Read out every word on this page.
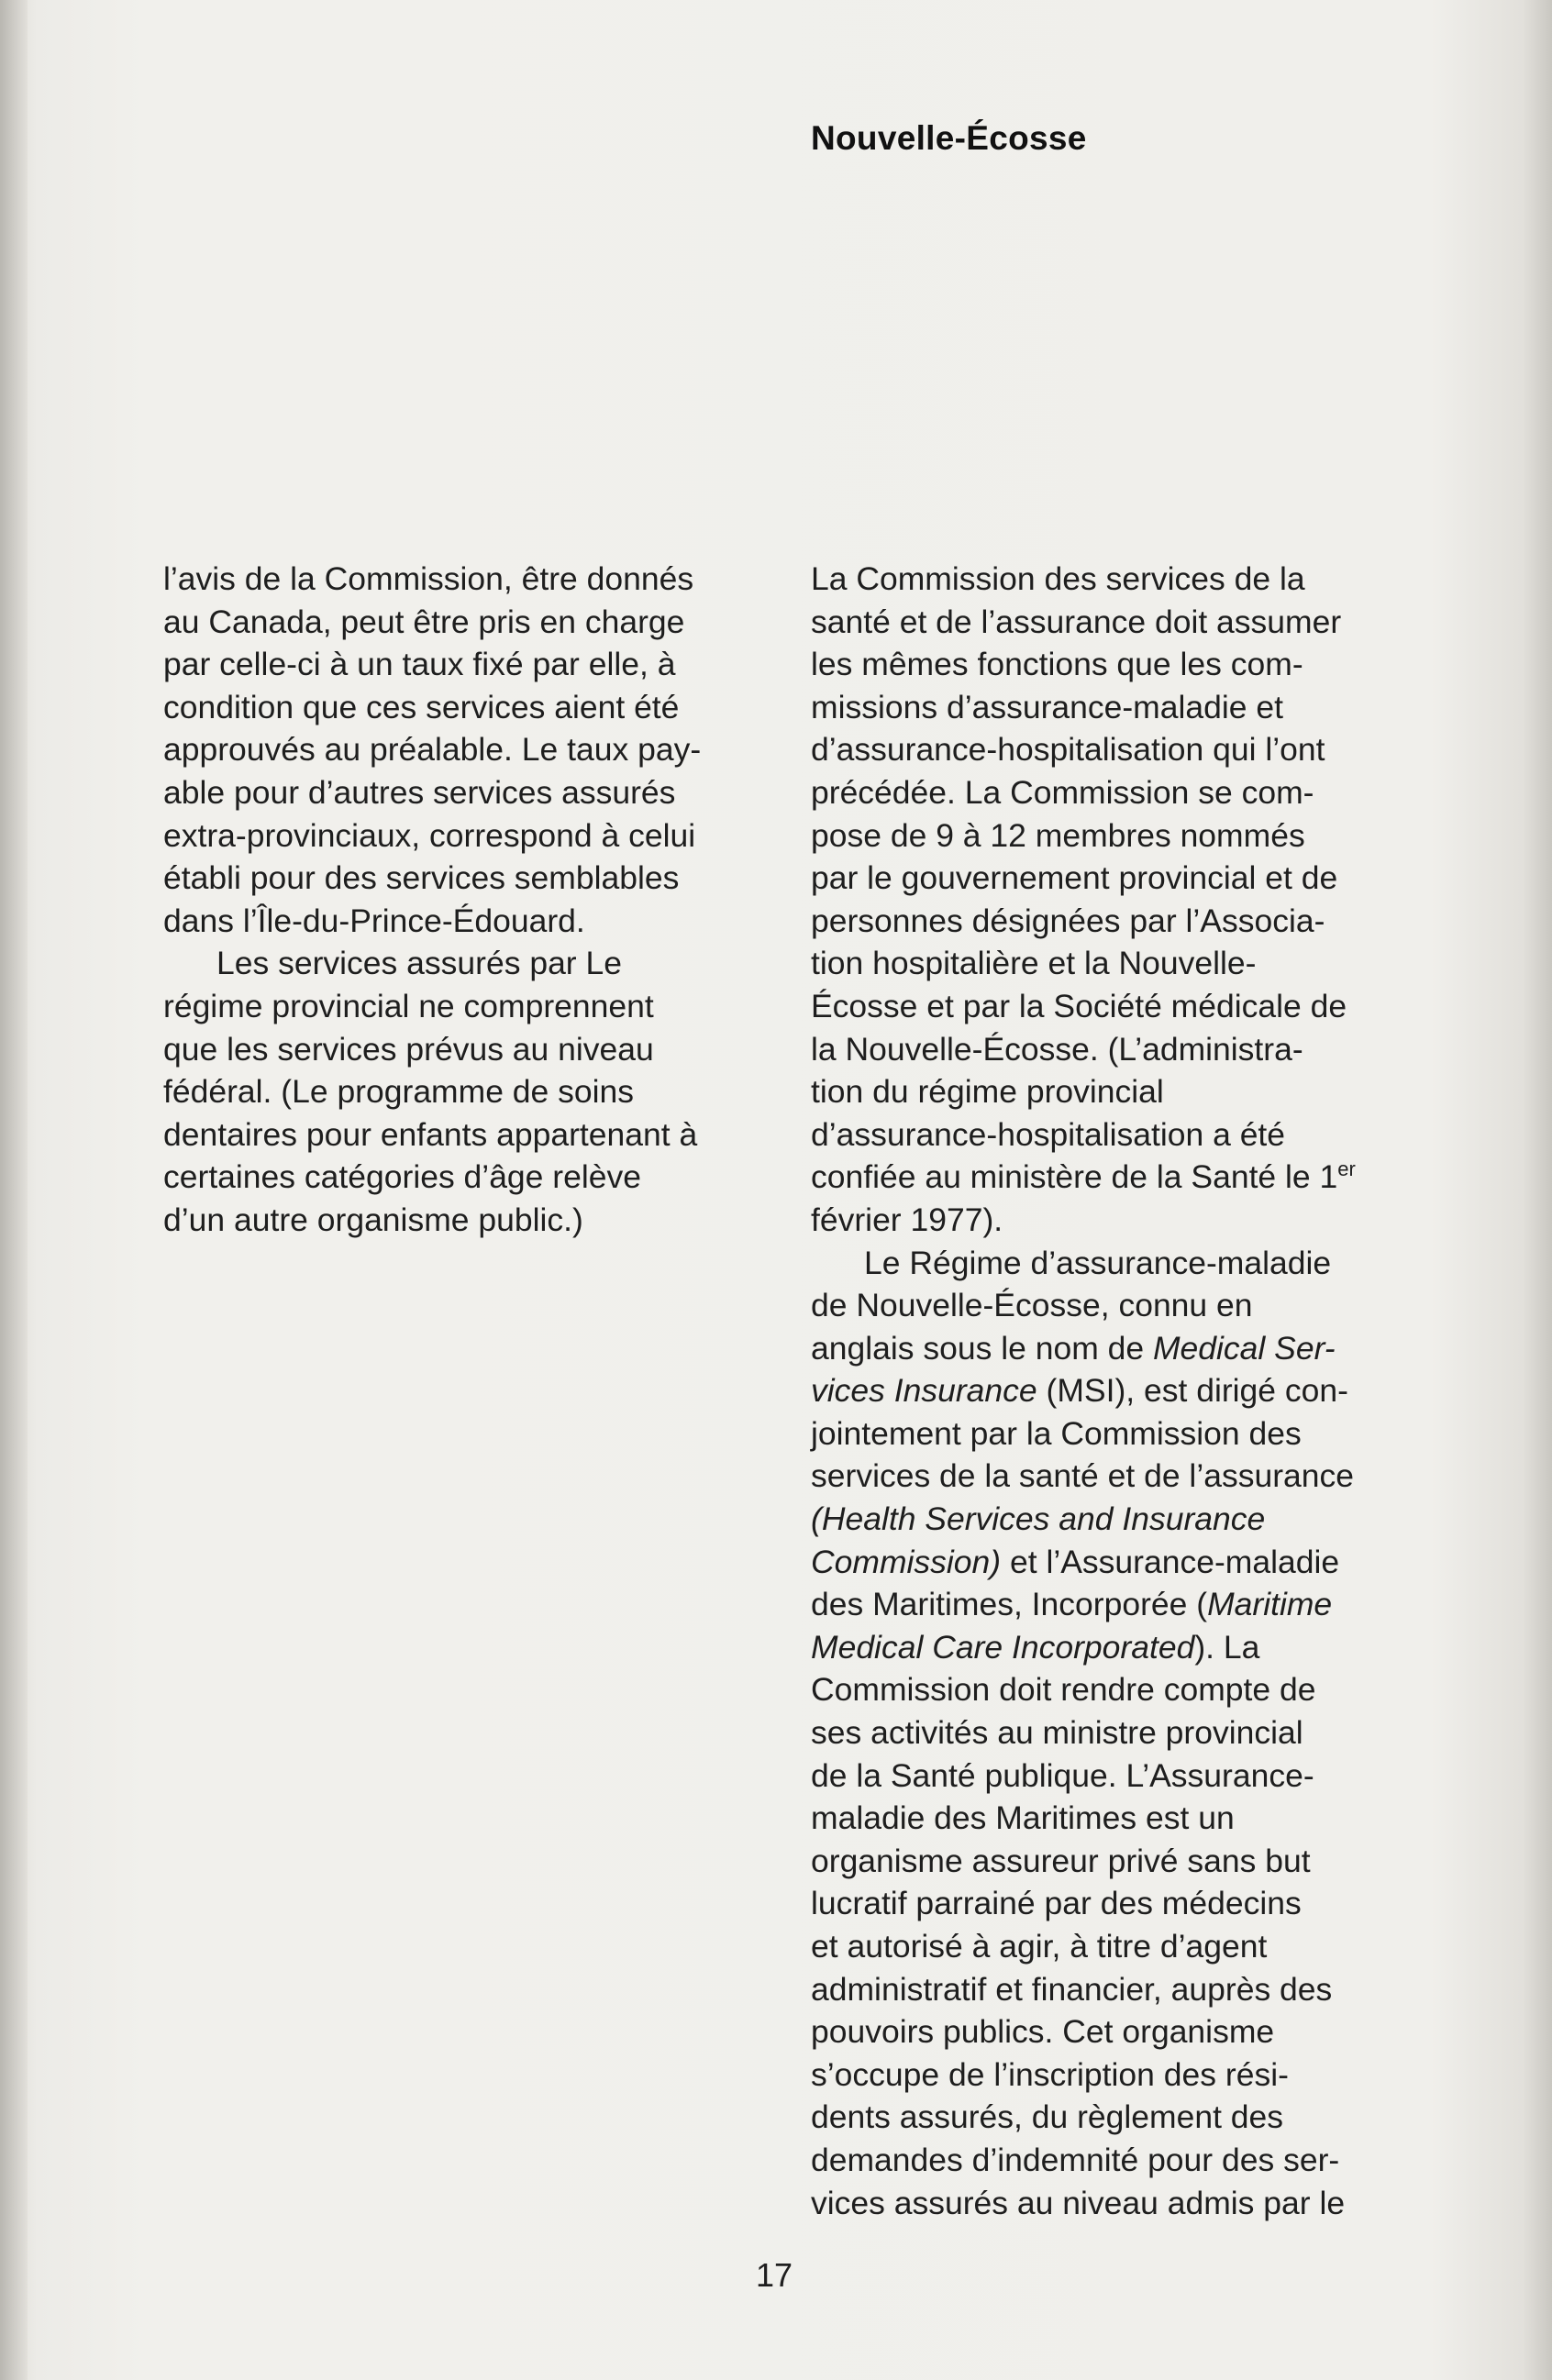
Nouvelle-Écosse
l’avis de la Commission, être donnés
au Canada, peut être pris en charge
par celle-ci à un taux fixé par elle, à
condition que ces services aient été
approuvés au préalable. Le taux pay-
able pour d’autres services assurés
extra-provinciaux, correspond à celui
établi pour des services semblables
dans l’Île-du-Prince-Édouard.
Les services assurés par Le
régime provincial ne comprennent
que les services prévus au niveau
fédéral. (Le programme de soins
dentaires pour enfants appartenant à
certaines catégories d’âge relève
d’un autre organisme public.)
La Commission des services de la
santé et de l’assurance doit assumer
les mêmes fonctions que les com-
missions d’assurance-maladie et
d’assurance-hospitalisation qui l’ont
précédée. La Commission se com-
pose de 9 à 12 membres nommés
par le gouvernement provincial et de
personnes désignées par l’Associa-
tion hospitalière et la Nouvelle-
Écosse et par la Société médicale de
la Nouvelle-Écosse. (L’administra-
tion du régime provincial
d’assurance-hospitalisation a été
confiée au ministère de la Santé le 1er
février 1977).
Le Régime d’assurance-maladie
de Nouvelle-Écosse, connu en
anglais sous le nom de Medical Ser-
vices Insurance (MSI), est dirigé con-
jointement par la Commission des
services de la santé et de l’assurance
(Health Services and Insurance
Commission) et l’Assurance-maladie
des Maritimes, Incorporée (Maritime
Medical Care Incorporated). La
Commission doit rendre compte de
ses activités au ministre provincial
de la Santé publique. L’Assurance-
maladie des Maritimes est un
organisme assureur privé sans but
lucratif parrainé par des médecins
et autorisé à agir, à titre d’agent
administratif et financier, auprès des
pouvoirs publics. Cet organisme
s’occupe de l’inscription des rési-
dents assurés, du règlement des
demandes d’indemnité pour des ser-
vices assurés au niveau admis par le
17
